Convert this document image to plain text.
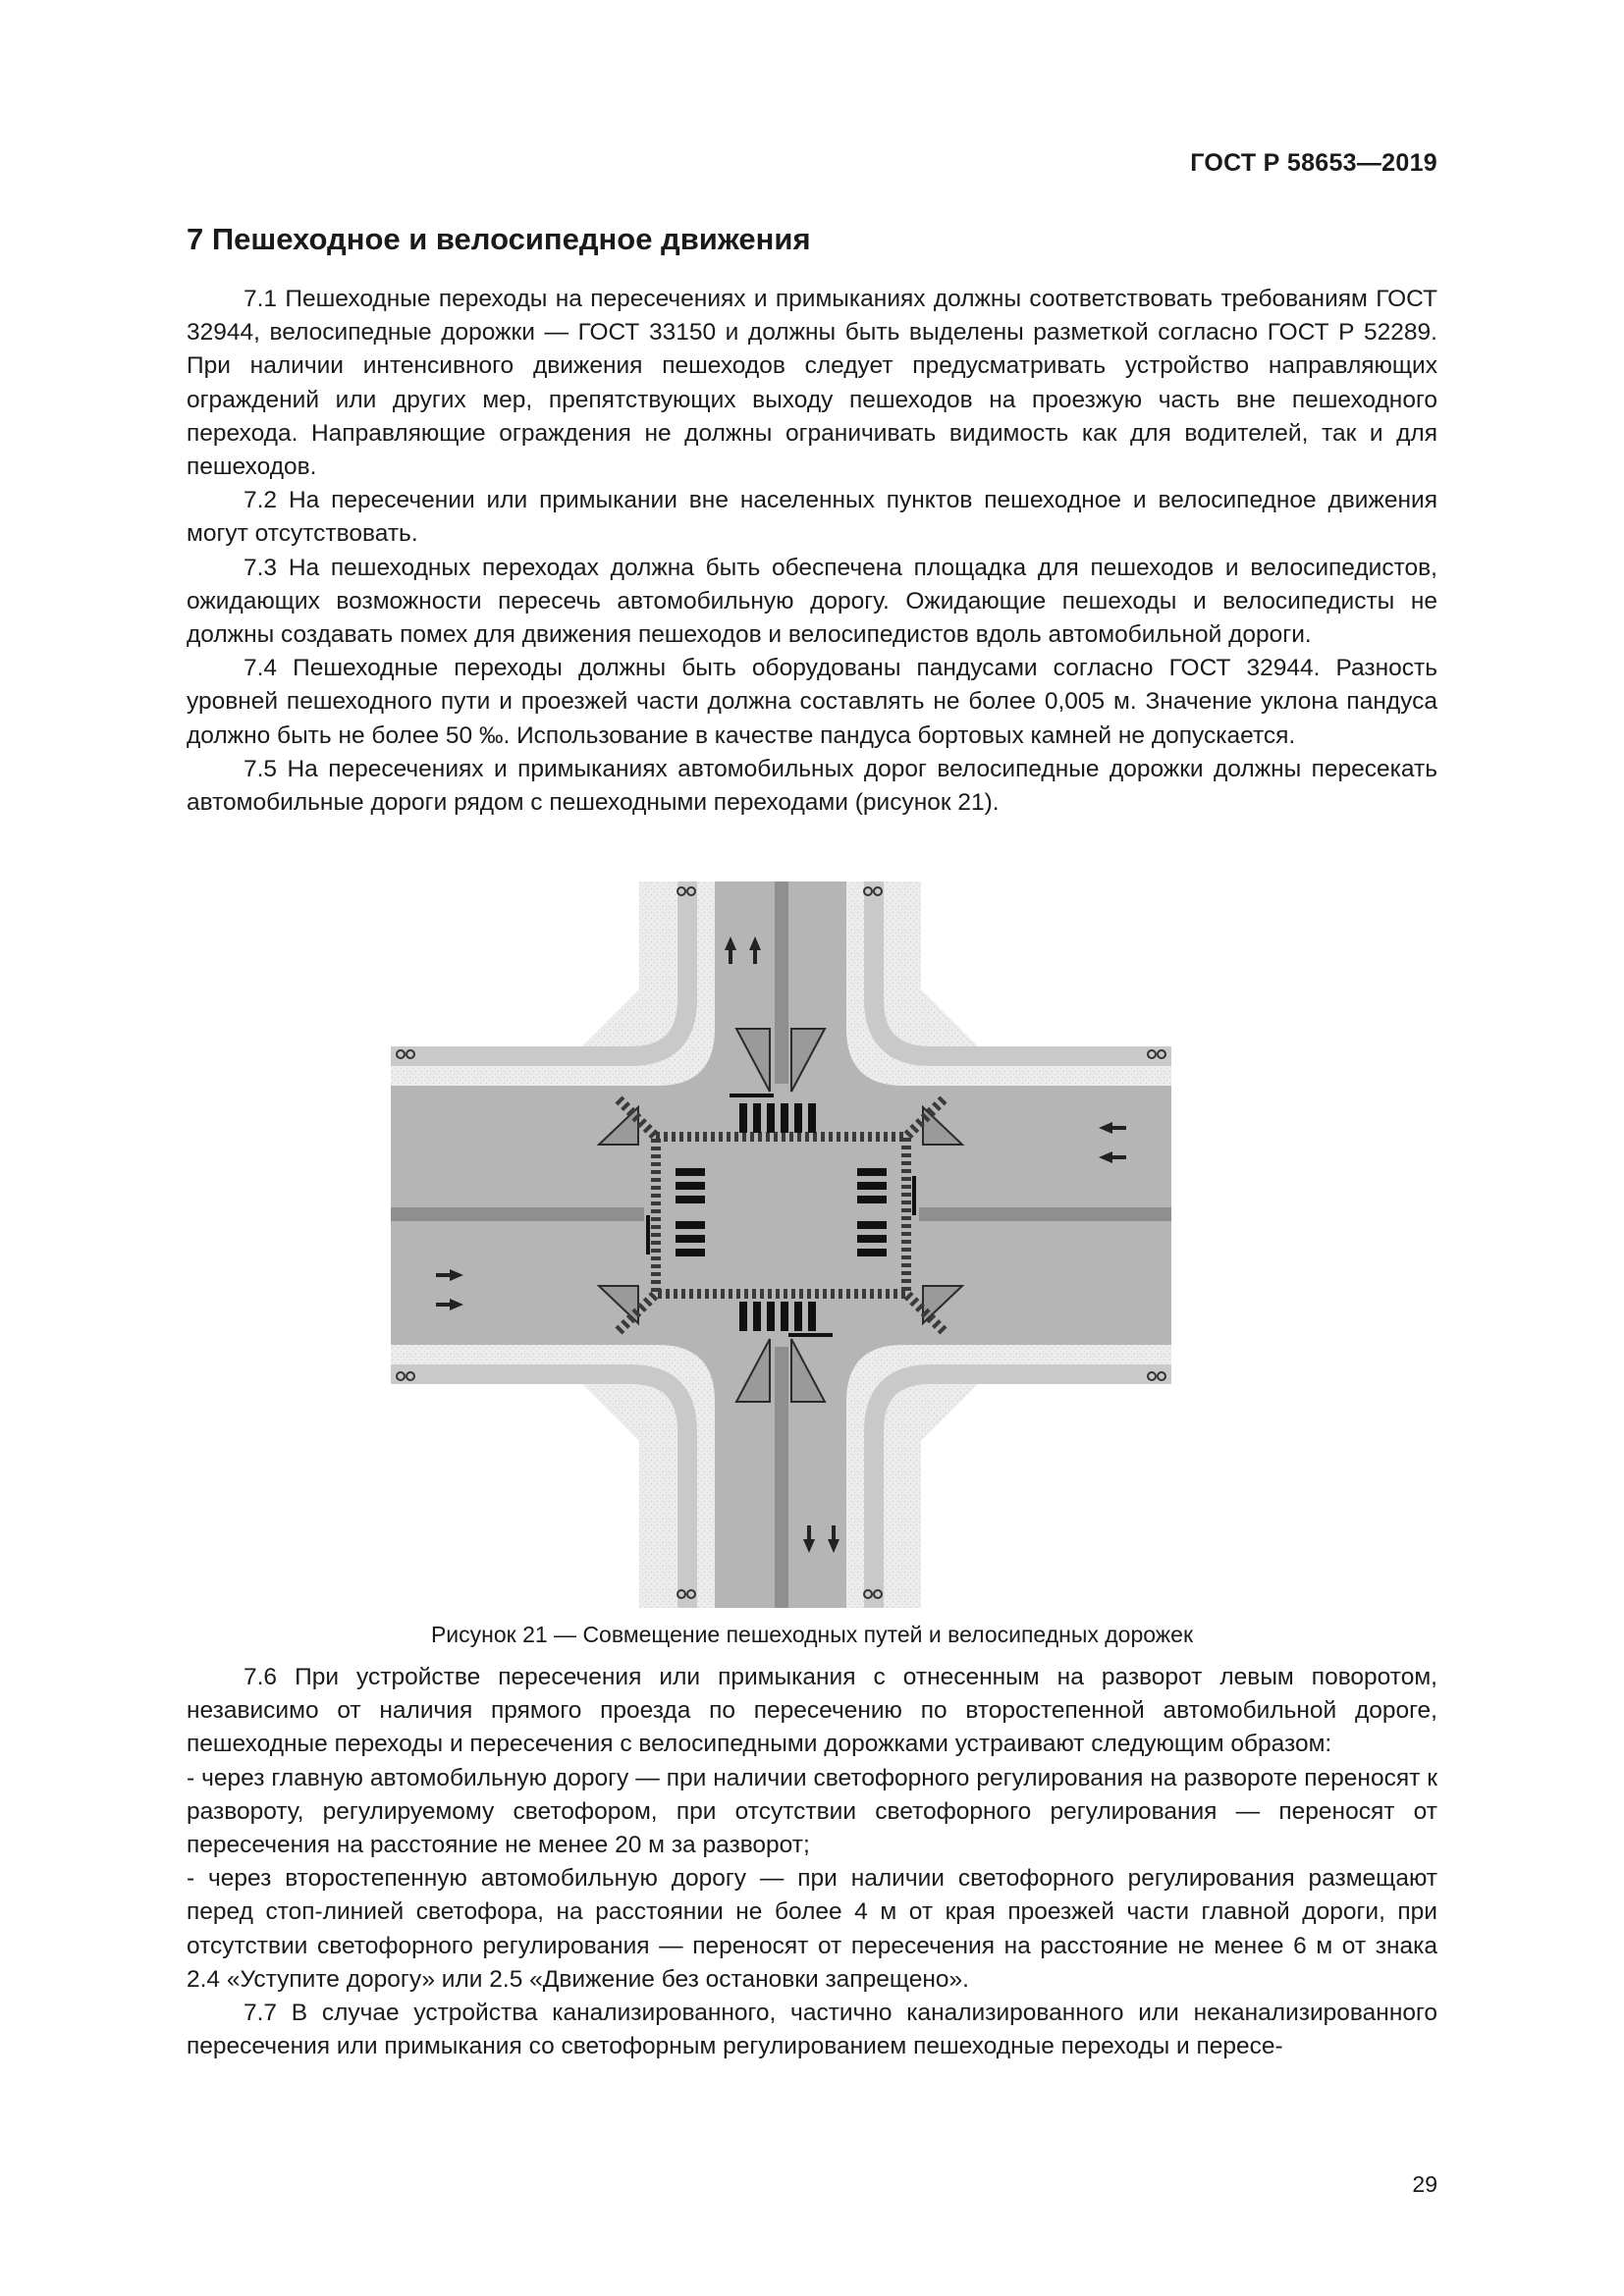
ГОСТ Р 58653—2019
7 Пешеходное и велосипедное движения

7.1 Пешеходные переходы на пересечениях и примыканиях должны соответствовать требованиям ГОСТ 32944, велосипедные дорожки — ГОСТ 33150 и должны быть выделены разметкой согласно ГОСТ Р 52289. При наличии интенсивного движения пешеходов следует предусматривать устройство направляющих ограждений или других мер, препятствующих выходу пешеходов на проезжую часть вне пешеходного перехода. Направляющие ограждения не должны ограничивать видимость как для водителей, так и для пешеходов.

7.2 На пересечении или примыкании вне населенных пунктов пешеходное и велосипедное движения могут отсутствовать.

7.3 На пешеходных переходах должна быть обеспечена площадка для пешеходов и велосипедистов, ожидающих возможности пересечь автомобильную дорогу. Ожидающие пешеходы и велосипедисты не должны создавать помех для движения пешеходов и велосипедистов вдоль автомобильной дороги.

7.4 Пешеходные переходы должны быть оборудованы пандусами согласно ГОСТ 32944. Разность уровней пешеходного пути и проезжей части должна составлять не более 0,005 м. Значение уклона пандуса должно быть не более 50 ‰. Использование в качестве пандуса бортовых камней не допускается.

7.5 На пересечениях и примыканиях автомобильных дорог велосипедные дорожки должны пересекать автомобильные дороги рядом с пешеходными переходами (рисунок 21).

Рисунок 21 — Совмещение пешеходных путей и велосипедных дорожек

7.6 При устройстве пересечения или примыкания с отнесенным на разворот левым поворотом, независимо от наличия прямого проезда по пересечению по второстепенной автомобильной дороге, пешеходные переходы и пересечения с велосипедными дорожками устраивают следующим образом:

- через главную автомобильную дорогу — при наличии светофорного регулирования на развороте переносят к развороту, регулируемому светофором, при отсутствии светофорного регулирования — переносят от пересечения на расстояние не менее 20 м за разворот;

- через второстепенную автомобильную дорогу — при наличии светофорного регулирования размещают перед стоп-линией светофора, на расстоянии не более 4 м от края проезжей части главной дороги, при отсутствии светофорного регулирования — переносят от пересечения на расстояние не менее 6 м от знака 2.4 «Уступите дорогу» или 2.5 «Движение без остановки запрещено».

7.7 В случае устройства канализированного, частично канализированного или неканализированного пересечения или примыкания со светофорным регулированием пешеходные переходы и пересе-

29
